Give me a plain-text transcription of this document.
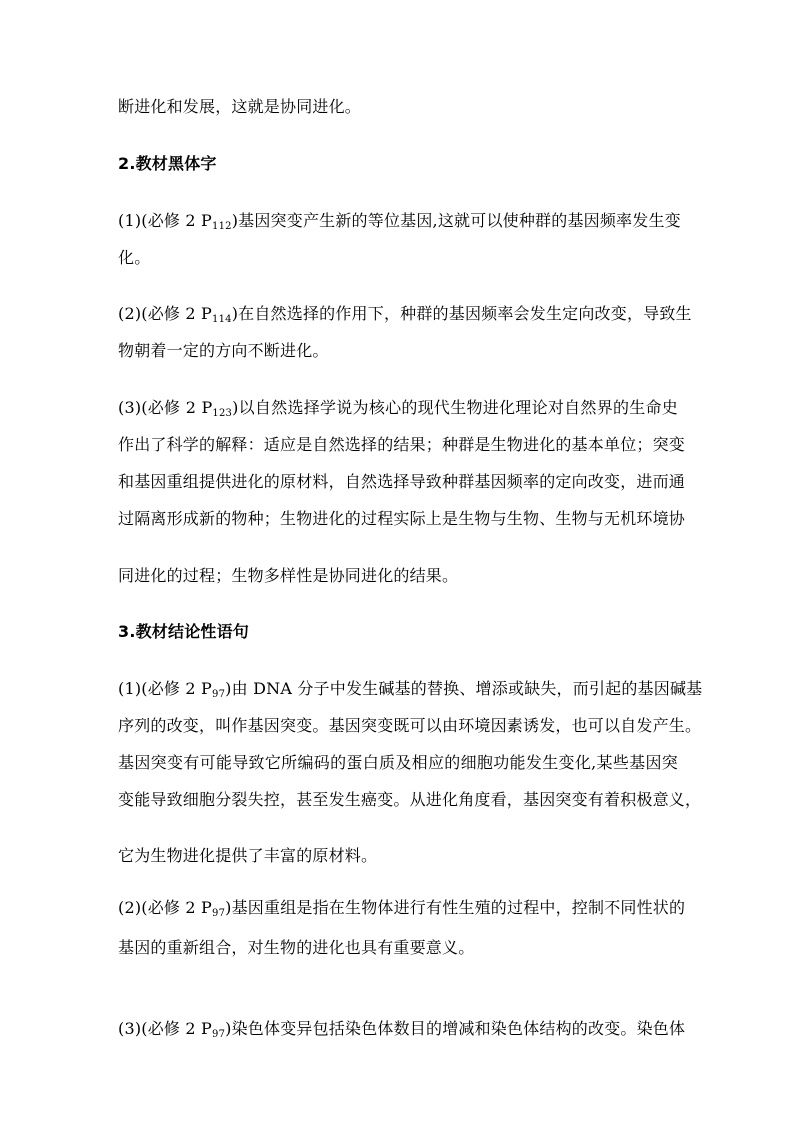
断进化和发展，这就是协同进化。
2.教材黑体字
(1)(必修 2 $P_{112}$)基因突变产生新的等位基因,这就可以使种群的基因频率发生变
化。
(2)(必修 2 $P_{114}$)在自然选择的作用下，种群的基因频率会发生定向改变，导致生
物朝着一定的方向不断进化。
(3)(必修 2 $P_{123}$)以自然选择学说为核心的现代生物进化理论对自然界的生命史
作出了科学的解释：适应是自然选择的结果；种群是生物进化的基本单位；突变
和基因重组提供进化的原材料，自然选择导致种群基因频率的定向改变，进而通
过隔离形成新的物种；生物进化的过程实际上是生物与生物、生物与无机环境协
同进化的过程；生物多样性是协同进化的结果。
3.教材结论性语句
(1)(必修 2 $P_{97}$)由 DNA 分子中发生碱基的替换、增添或缺失，而引起的基因碱基
序列的改变，叫作基因突变。基因突变既可以由环境因素诱发，也可以自发产生。
基因突变有可能导致它所编码的蛋白质及相应的细胞功能发生变化,某些基因突
变能导致细胞分裂失控，甚至发生癌变。从进化角度看，基因突变有着积极意义，
它为生物进化提供了丰富的原材料。
(2)(必修 2 $P_{97}$)基因重组是指在生物体进行有性生殖的过程中，控制不同性状的
基因的重新组合，对生物的进化也具有重要意义。
(3)(必修 2 $P_{97}$)染色体变异包括染色体数目的增减和染色体结构的改变。染色体
